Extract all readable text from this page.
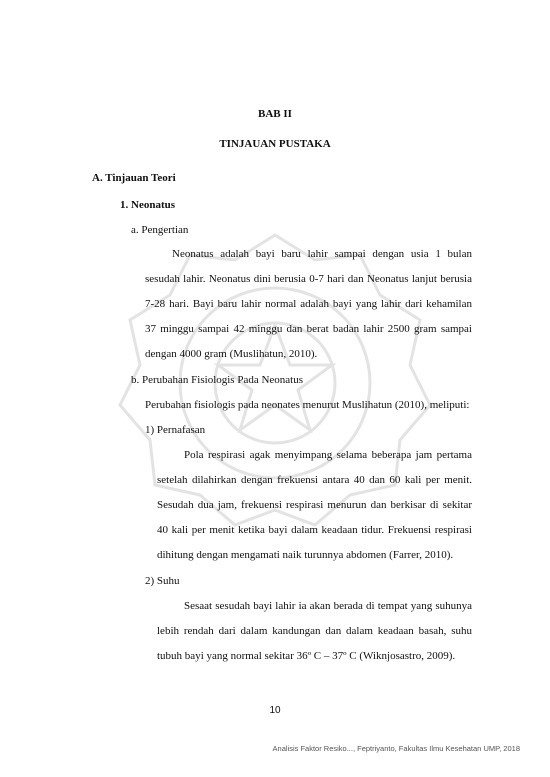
BAB II
TINJAUAN PUSTAKA
A. Tinjauan Teori
1. Neonatus
a. Pengertian
Neonatus adalah bayi baru lahir sampai dengan usia 1 bulan
sesudah lahir. Neonatus dini berusia 0-7 hari dan Neonatus lanjut berusia
7-28 hari. Bayi baru lahir normal adalah bayi yang lahir dari kehamilan
37 minggu sampai 42 minggu dan berat badan lahir 2500 gram sampai
dengan 4000 gram (Muslihatun, 2010).
b. Perubahan Fisiologis Pada Neonatus
Perubahan fisiologis pada neonates menurut Muslihatun (2010), meliputi:
1) Pernafasan
Pola respirasi agak menyimpang selama beberapa jam pertama
setelah dilahirkan dengan frekuensi antara 40 dan 60 kali per menit.
Sesudah dua jam, frekuensi respirasi menurun dan berkisar di sekitar
40 kali per menit ketika bayi dalam keadaan tidur. Frekuensi respirasi
dihitung dengan mengamati naik turunnya abdomen (Farrer, 2010).
2) Suhu
Sesaat sesudah bayi lahir ia akan berada di tempat yang suhunya
lebih rendah dari dalam kandungan dan dalam keadaan basah, suhu
tubuh bayi yang normal sekitar 36º C – 37º C (Wiknjosastro, 2009).
10
Analisis Faktor Resiko..., Feptriyanto, Fakultas Ilmu Kesehatan UMP, 2018
